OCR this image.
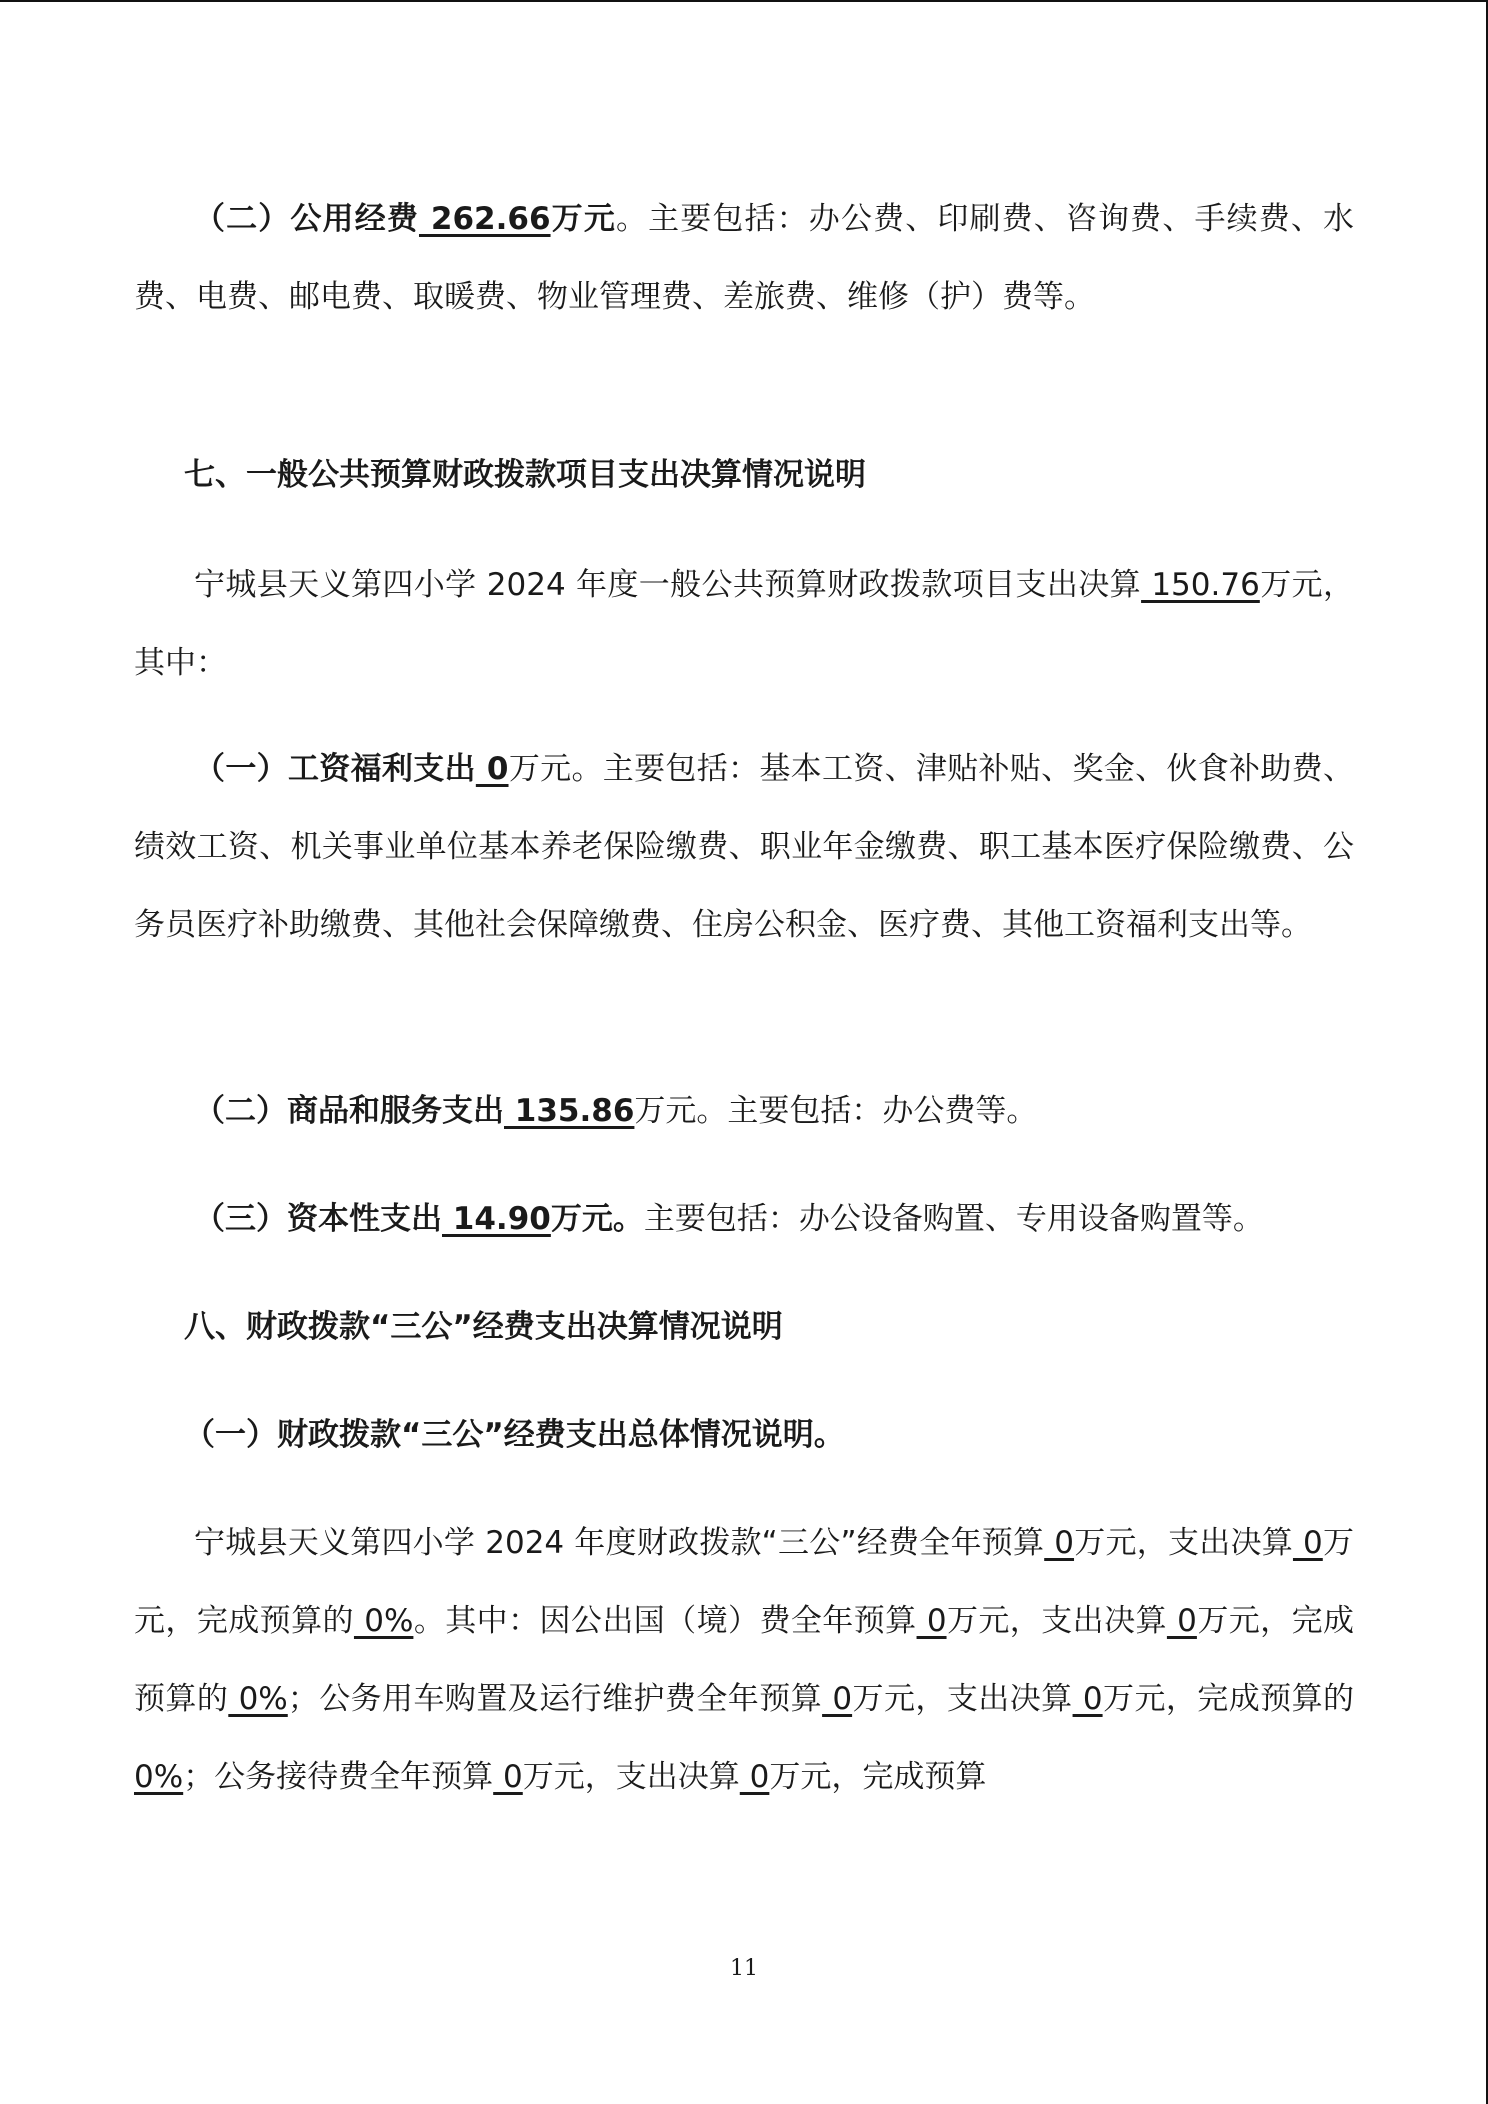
（二）公用经费 262.66万元。主要包括：办公费、印刷费、咨询费、手续费、水费、电费、邮电费、取暖费、物业管理费、差旅费、维修（护）费等。

七、一般公共预算财政拨款项目支出决算情况说明

宁城县天义第四小学 2024 年度一般公共预算财政拨款项目支出决算 150.76万元，其中：

（一）工资福利支出 0万元。主要包括：基本工资、津贴补贴、奖金、伙食补助费、绩效工资、机关事业单位基本养老保险缴费、职业年金缴费、职工基本医疗保险缴费、公务员医疗补助缴费、其他社会保障缴费、住房公积金、医疗费、其他工资福利支出等。

（二）商品和服务支出 135.86万元。主要包括：办公费等。

（三）资本性支出 14.90万元。主要包括：办公设备购置、专用设备购置等。

八、财政拨款“三公”经费支出决算情况说明

（一）财政拨款“三公”经费支出总体情况说明。

宁城县天义第四小学 2024 年度财政拨款“三公”经费全年预算 0万元，支出决算 0万元，完成预算的 0%。其中：因公出国（境）费全年预算 0万元，支出决算 0万元，完成预算的 0%；公务用车购置及运行维护费全年预算 0万元，支出决算 0万元，完成预算的 0%；公务接待费全年预算 0万元，支出决算 0万元，完成预算

11
